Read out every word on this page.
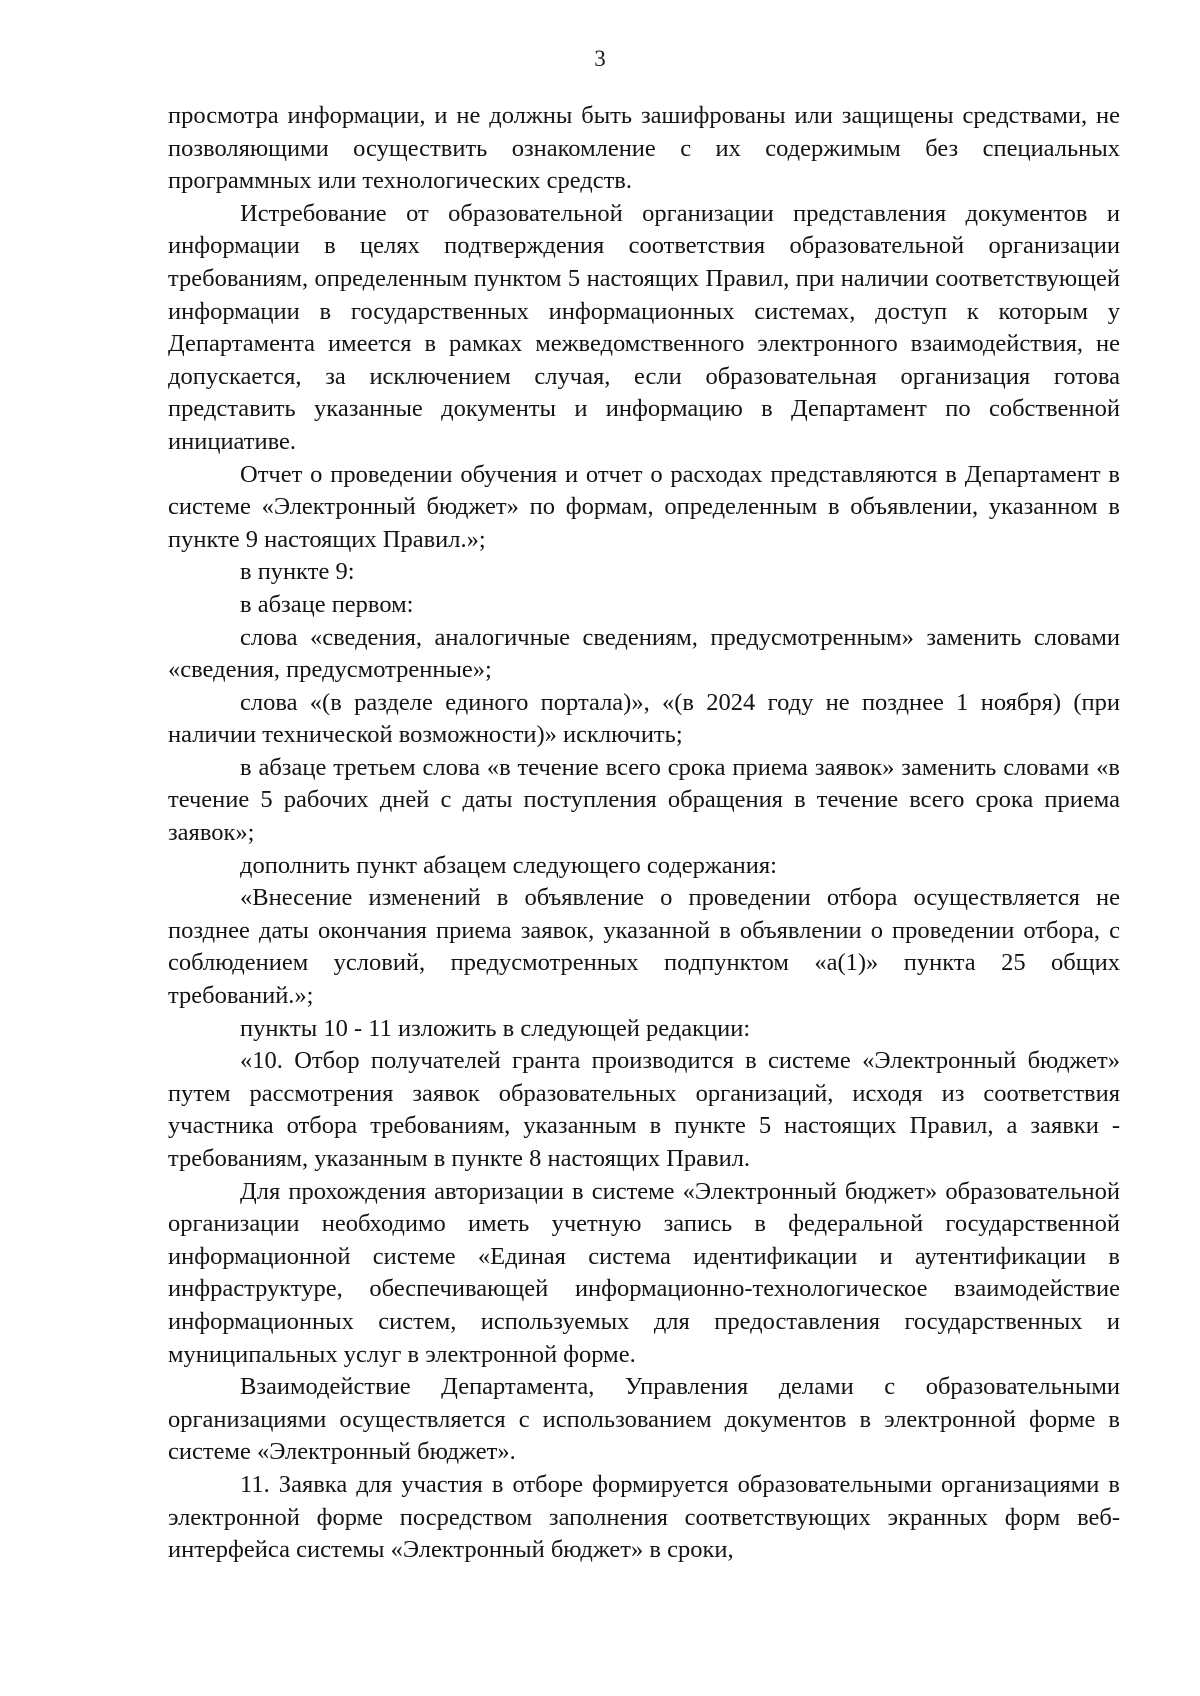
3

просмотра информации, и не должны быть зашифрованы или защищены средствами, не позволяющими осуществить ознакомление с их содержимым без специальных программных или технологических средств.

Истребование от образовательной организации представления документов и информации в целях подтверждения соответствия образовательной организации требованиям, определенным пунктом 5 настоящих Правил, при наличии соответствующей информации в государственных информационных системах, доступ к которым у Департамента имеется в рамках межведомственного электронного взаимодействия, не допускается, за исключением случая, если образовательная организация готова представить указанные документы и информацию в Департамент по собственной инициативе.

Отчет о проведении обучения и отчет о расходах представляются в Департамент в системе «Электронный бюджет» по формам, определенным в объявлении, указанном в пункте 9 настоящих Правил.»;

в пункте 9:

в абзаце первом:

слова «сведения, аналогичные сведениям, предусмотренным» заменить словами «сведения, предусмотренные»;

слова «(в разделе единого портала)», «(в 2024 году не позднее 1 ноября) (при наличии технической возможности)» исключить;

в абзаце третьем слова «в течение всего срока приема заявок» заменить словами «в течение 5 рабочих дней с даты поступления обращения в течение всего срока приема заявок»;

дополнить пункт абзацем следующего содержания:

«Внесение изменений в объявление о проведении отбора осуществляется не позднее даты окончания приема заявок, указанной в объявлении о проведении отбора, с соблюдением условий, предусмотренных подпунктом «а(1)» пункта 25 общих требований.»;

пункты 10 - 11 изложить в следующей редакции:

«10. Отбор получателей гранта производится в системе «Электронный бюджет» путем рассмотрения заявок образовательных организаций, исходя из соответствия участника отбора требованиям, указанным в пункте 5 настоящих Правил, а заявки - требованиям, указанным в пункте 8 настоящих Правил.

Для прохождения авторизации в системе «Электронный бюджет» образовательной организации необходимо иметь учетную запись в федеральной государственной информационной системе «Единая система идентификации и аутентификации в инфраструктуре, обеспечивающей информационно-технологическое взаимодействие информационных систем, используемых для предоставления государственных и муниципальных услуг в электронной форме.

Взаимодействие Департамента, Управления делами с образовательными организациями осуществляется с использованием документов в электронной форме в системе «Электронный бюджет».

11. Заявка для участия в отборе формируется образовательными организациями в электронной форме посредством заполнения соответствующих экранных форм веб-интерфейса системы «Электронный бюджет» в сроки,
